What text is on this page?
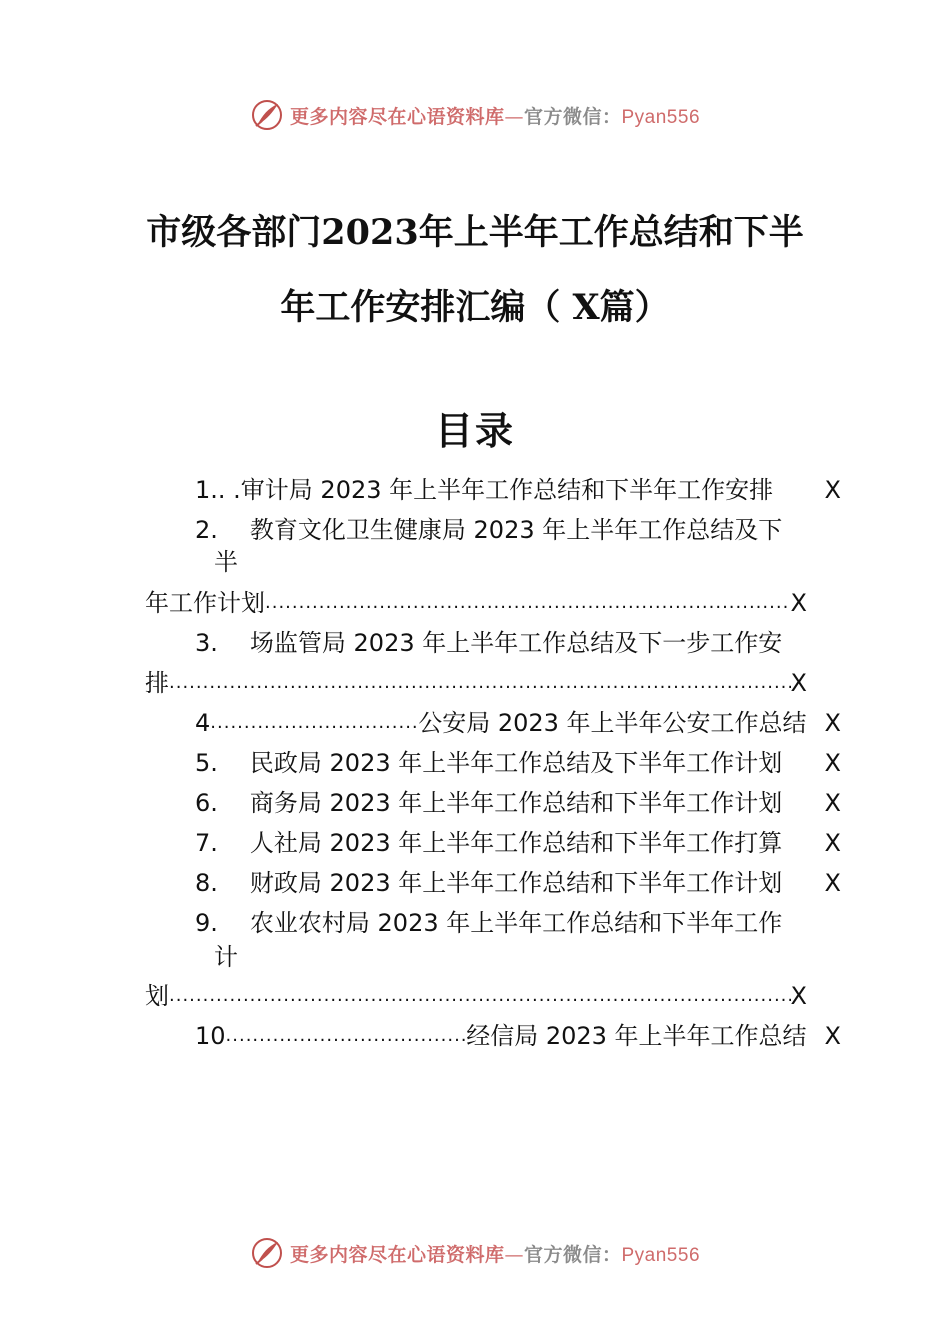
更多内容尽在心语资料库—官方微信：Pyan556
市级各部门2023年上半年工作总结和下半
年工作安排汇编（ X篇）
目录
1.. . 审计局 2023 年上半年工作总结和下半年工作安排 X
2. 教育文化卫生健康局 2023 年上半年工作总结及下
半
年工作计划 .....	X
3. 场监管局 2023 年上半年工作总结及下一步工作安
排 .....	X
4 .....	公安局 2023 年上半年公安工作总结 X
5. 民政局 2023 年上半年工作总结及下半年工作计划 X
6. 商务局 2023 年上半年工作总结和下半年工作计划 X
7. 人社局 2023 年上半年工作总结和下半年工作打算 X
8. 财政局 2023 年上半年工作总结和下半年工作计划 X
9. 农业农村局 2023 年上半年工作总结和下半年工作
计
划 .....	X
10 .....	经信局 2023 年上半年工作总结 X
更多内容尽在心语资料库—官方微信：Pyan556
